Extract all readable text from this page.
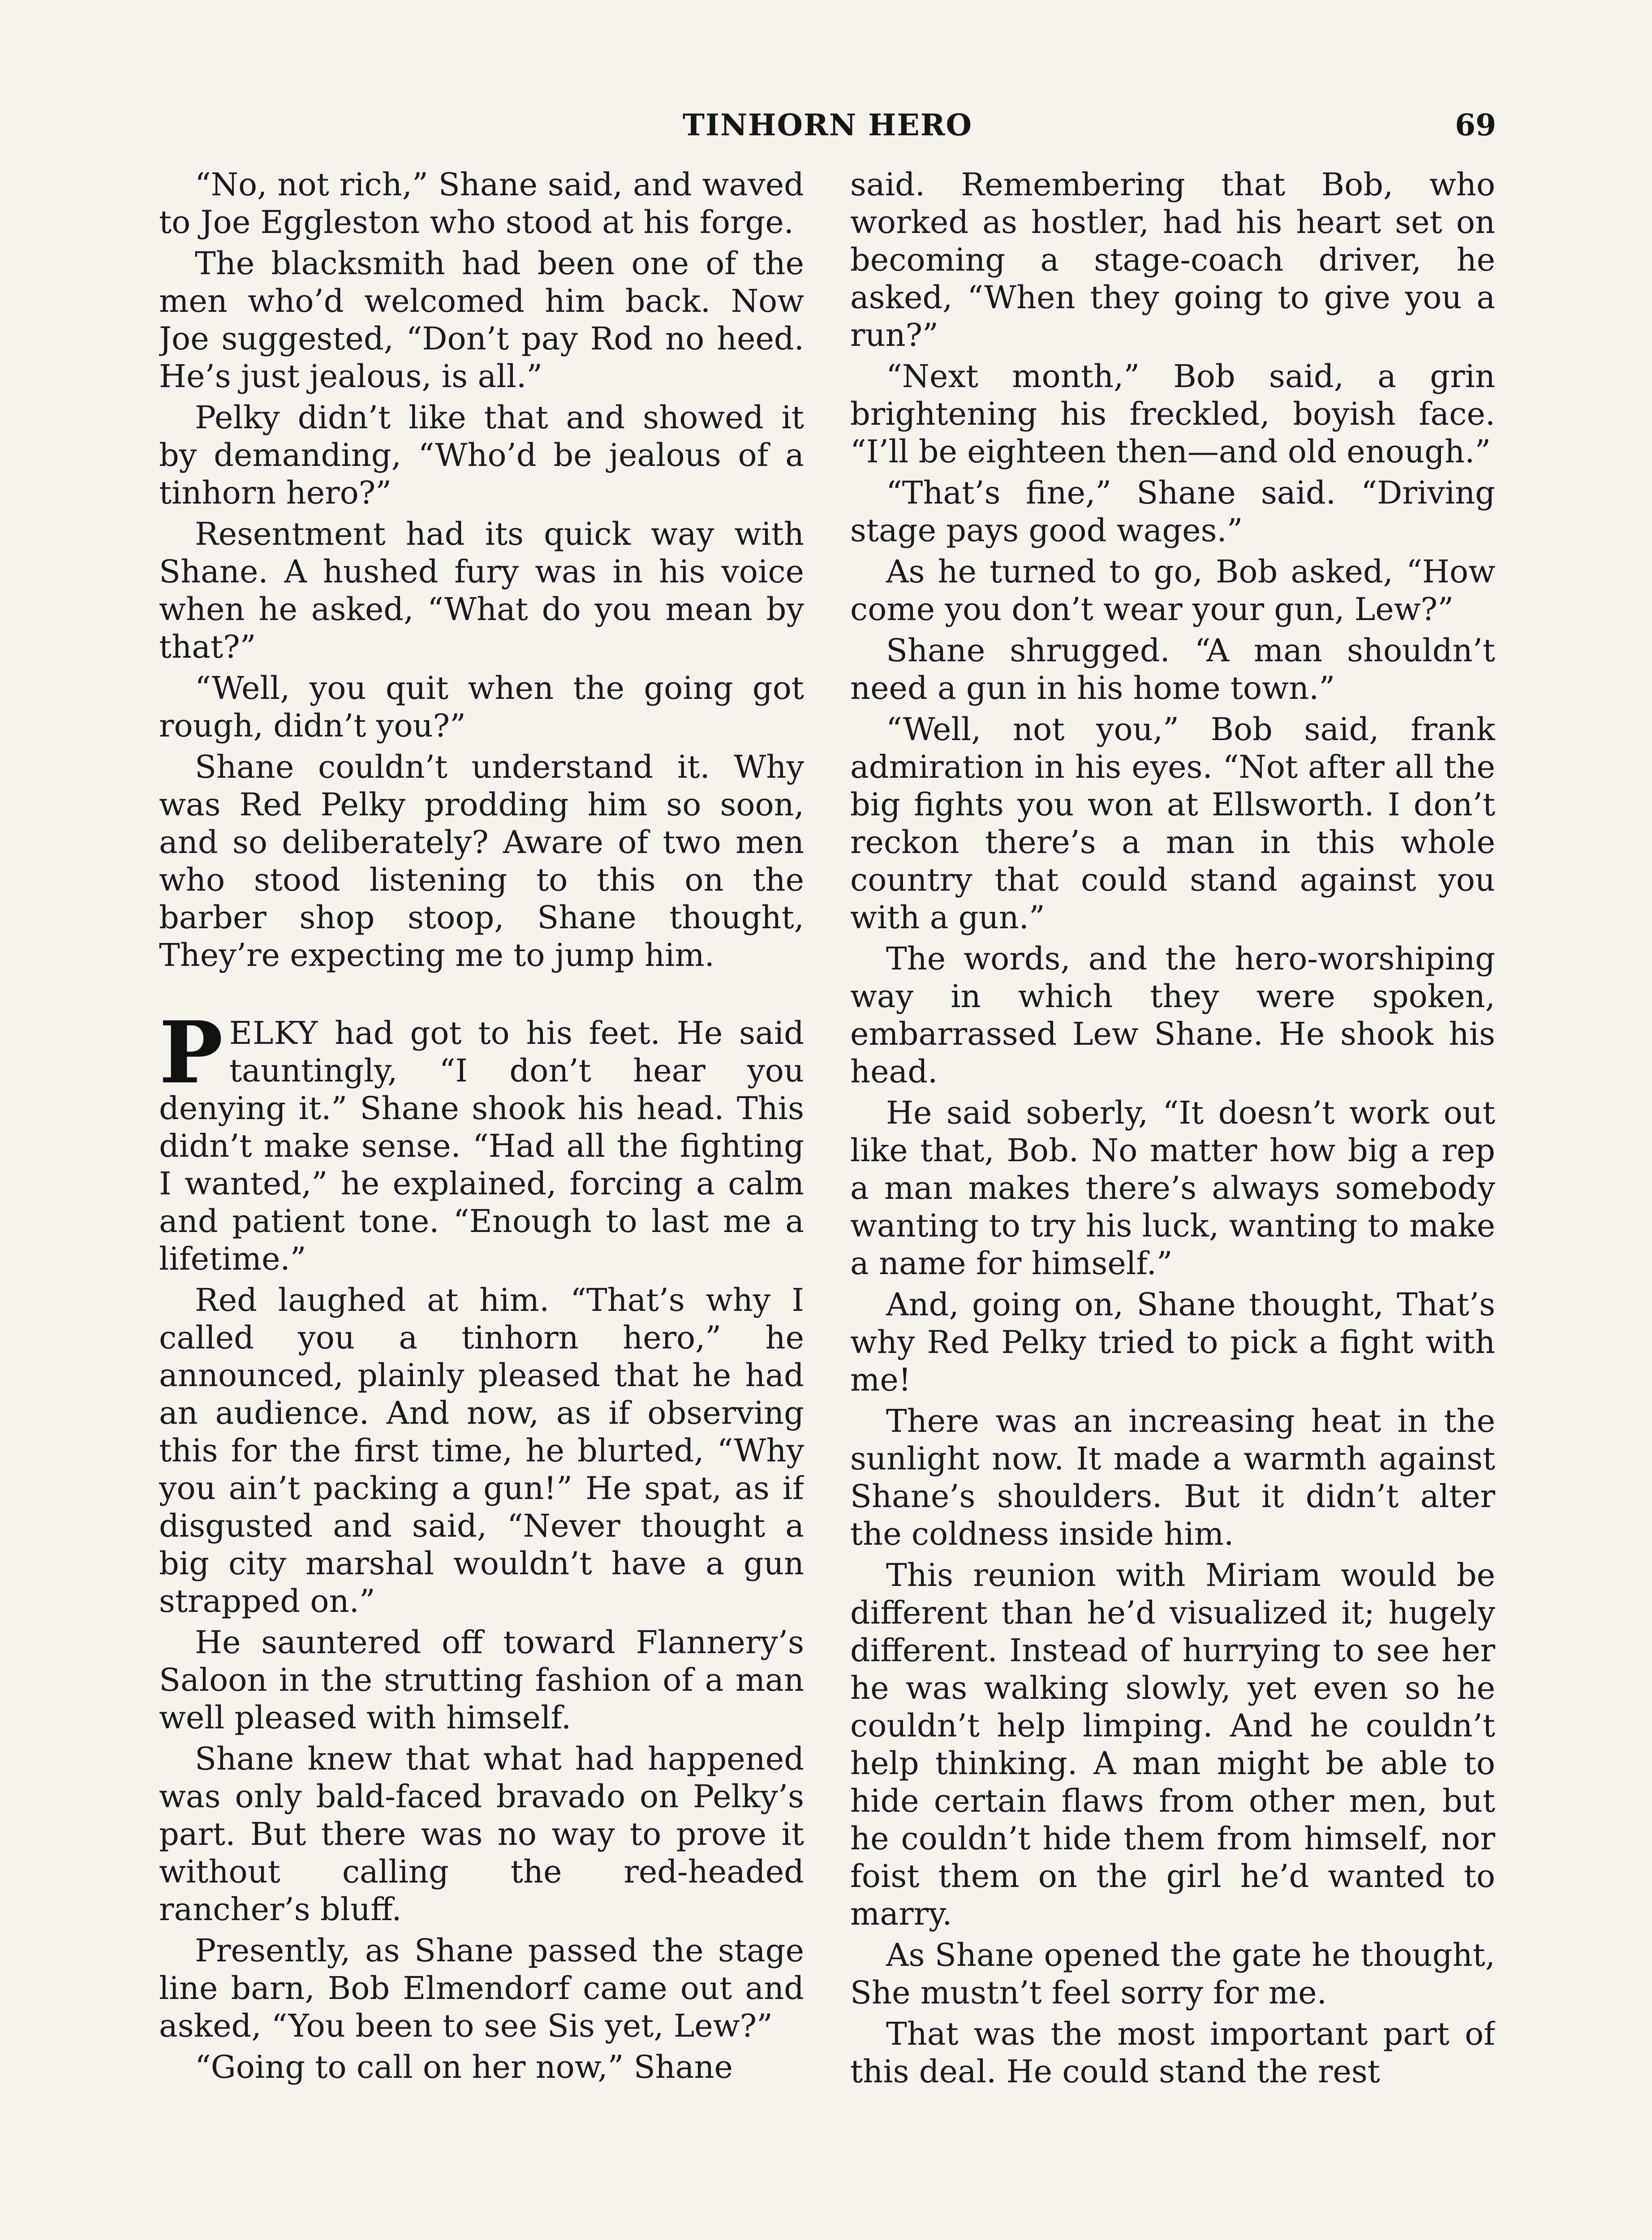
TINHORN HERO	69

“No, not rich,” Shane said, and waved to Joe Eggleston who stood at his forge.

The blacksmith had been one of the men who’d welcomed him back. Now Joe suggested, “Don’t pay Rod no heed. He’s just jealous, is all.”

Pelky didn’t like that and showed it by demanding, “Who’d be jealous of a tinhorn hero?”

Resentment had its quick way with Shane. A hushed fury was in his voice when he asked, “What do you mean by that?”

“Well, you quit when the going got rough, didn’t you?”

Shane couldn’t understand it. Why was Red Pelky prodding him so soon, and so deliberately? Aware of two men who stood listening to this on the barber shop stoop, Shane thought, They’re expecting me to jump him.

PELKY had got to his feet. He said tauntingly, “I don’t hear you denying it.” Shane shook his head. This didn’t make sense. “Had all the fighting I wanted,” he explained, forcing a calm and patient tone. “Enough to last me a lifetime.”

Red laughed at him. “That’s why I called you a tinhorn hero,” he announced, plainly pleased that he had an audience. And now, as if observing this for the first time, he blurted, “Why you ain’t packing a gun!” He spat, as if disgusted and said, “Never thought a big city marshal wouldn’t have a gun strapped on.”

He sauntered off toward Flannery’s Saloon in the strutting fashion of a man well pleased with himself.

Shane knew that what had happened was only bald-faced bravado on Pelky’s part. But there was no way to prove it without calling the red-headed rancher’s bluff.

Presently, as Shane passed the stage line barn, Bob Elmendorf came out and asked, “You been to see Sis yet, Lew?”

“Going to call on her now,” Shane

said. Remembering that Bob, who worked as hostler, had his heart set on becoming a stage-coach driver, he asked, “When they going to give you a run?”

“Next month,” Bob said, a grin brightening his freckled, boyish face. “I’ll be eighteen then—and old enough.”

“That’s fine,” Shane said. “Driving stage pays good wages.”

As he turned to go, Bob asked, “How come you don’t wear your gun, Lew?”

Shane shrugged. “A man shouldn’t need a gun in his home town.”

“Well, not you,” Bob said, frank admiration in his eyes. “Not after all the big fights you won at Ellsworth. I don’t reckon there’s a man in this whole country that could stand against you with a gun.”

The words, and the hero-worshiping way in which they were spoken, embarrassed Lew Shane. He shook his head.

He said soberly, “It doesn’t work out like that, Bob. No matter how big a rep a man makes there’s always somebody wanting to try his luck, wanting to make a name for himself.”

And, going on, Shane thought, That’s why Red Pelky tried to pick a fight with me!

There was an increasing heat in the sunlight now. It made a warmth against Shane’s shoulders. But it didn’t alter the coldness inside him.

This reunion with Miriam would be different than he’d visualized it; hugely different. Instead of hurrying to see her he was walking slowly, yet even so he couldn’t help limping. And he couldn’t help thinking. A man might be able to hide certain flaws from other men, but he couldn’t hide them from himself, nor foist them on the girl he’d wanted to marry.

As Shane opened the gate he thought, She mustn’t feel sorry for me.

That was the most important part of this deal. He could stand the rest
